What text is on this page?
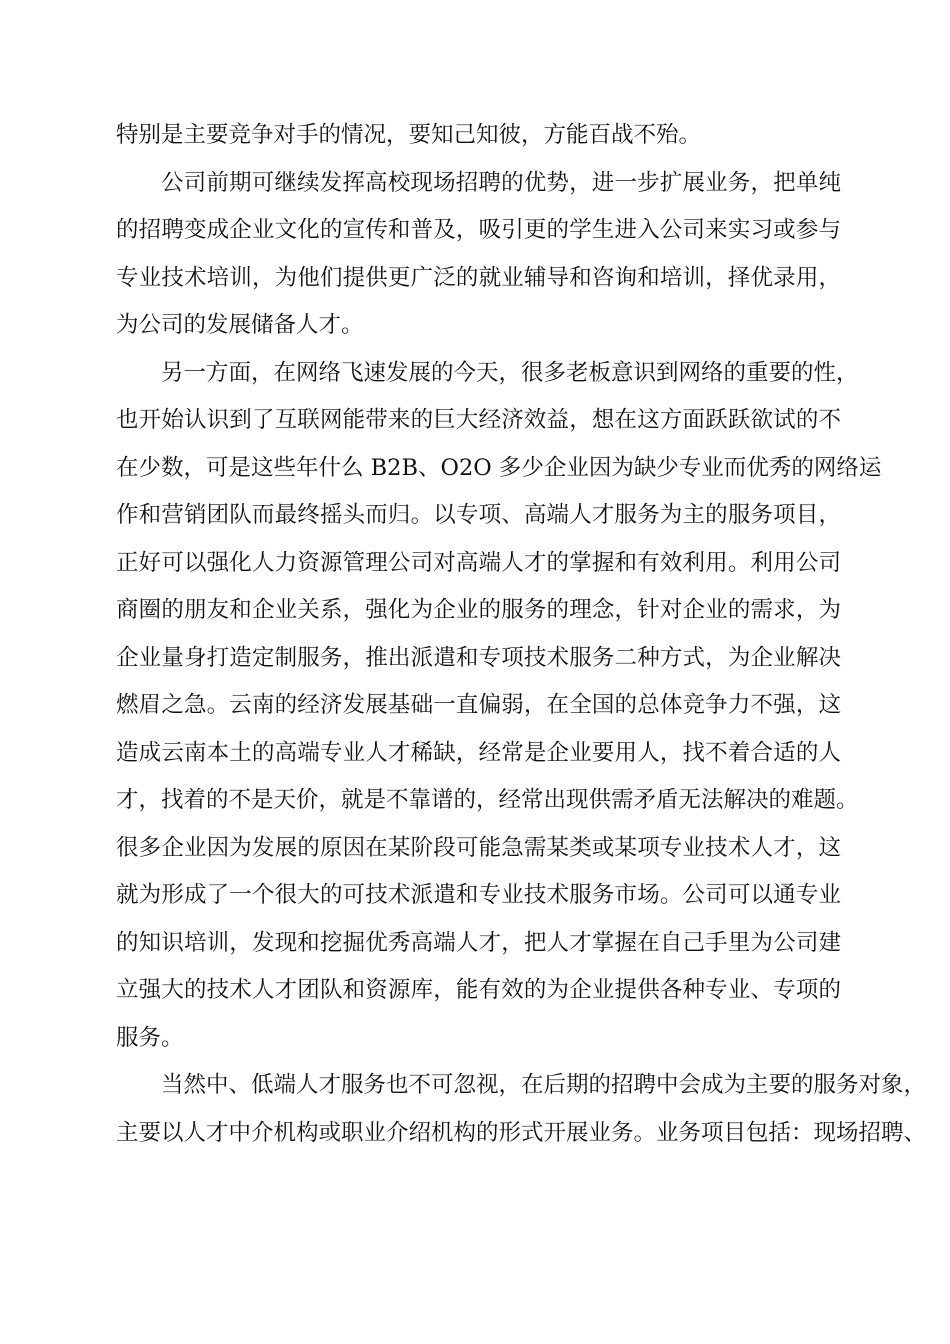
特别是主要竞争对手的情况，要知己知彼，方能百战不殆。
公司前期可继续发挥高校现场招聘的优势，进一步扩展业务，把单纯
的招聘变成企业文化的宣传和普及，吸引更的学生进入公司来实习或参与
专业技术培训，为他们提供更广泛的就业辅导和咨询和培训，择优录用，
为公司的发展储备人才。
另一方面，在网络飞速发展的今天，很多老板意识到网络的重要的性，
也开始认识到了互联网能带来的巨大经济效益，想在这方面跃跃欲试的不
在少数，可是这些年什么 B2B、O2O 多少企业因为缺少专业而优秀的网络运
作和营销团队而最终摇头而归。以专项、高端人才服务为主的服务项目，
正好可以强化人力资源管理公司对高端人才的掌握和有效利用。利用公司
商圈的朋友和企业关系，强化为企业的服务的理念，针对企业的需求，为
企业量身打造定制服务，推出派遣和专项技术服务二种方式，为企业解决
燃眉之急。云南的经济发展基础一直偏弱，在全国的总体竞争力不强，这
造成云南本土的高端专业人才稀缺，经常是企业要用人，找不着合适的人
才，找着的不是天价，就是不靠谱的，经常出现供需矛盾无法解决的难题。
很多企业因为发展的原因在某阶段可能急需某类或某项专业技术人才，这
就为形成了一个很大的可技术派遣和专业技术服务市场。公司可以通专业
的知识培训，发现和挖掘优秀高端人才，把人才掌握在自己手里为公司建
立强大的技术人才团队和资源库，能有效的为企业提供各种专业、专项的
服务。
当然中、低端人才服务也不可忽视，在后期的招聘中会成为主要的服务对象，
主要以人才中介机构或职业介绍机构的形式开展业务。业务项目包括：现场招聘、
